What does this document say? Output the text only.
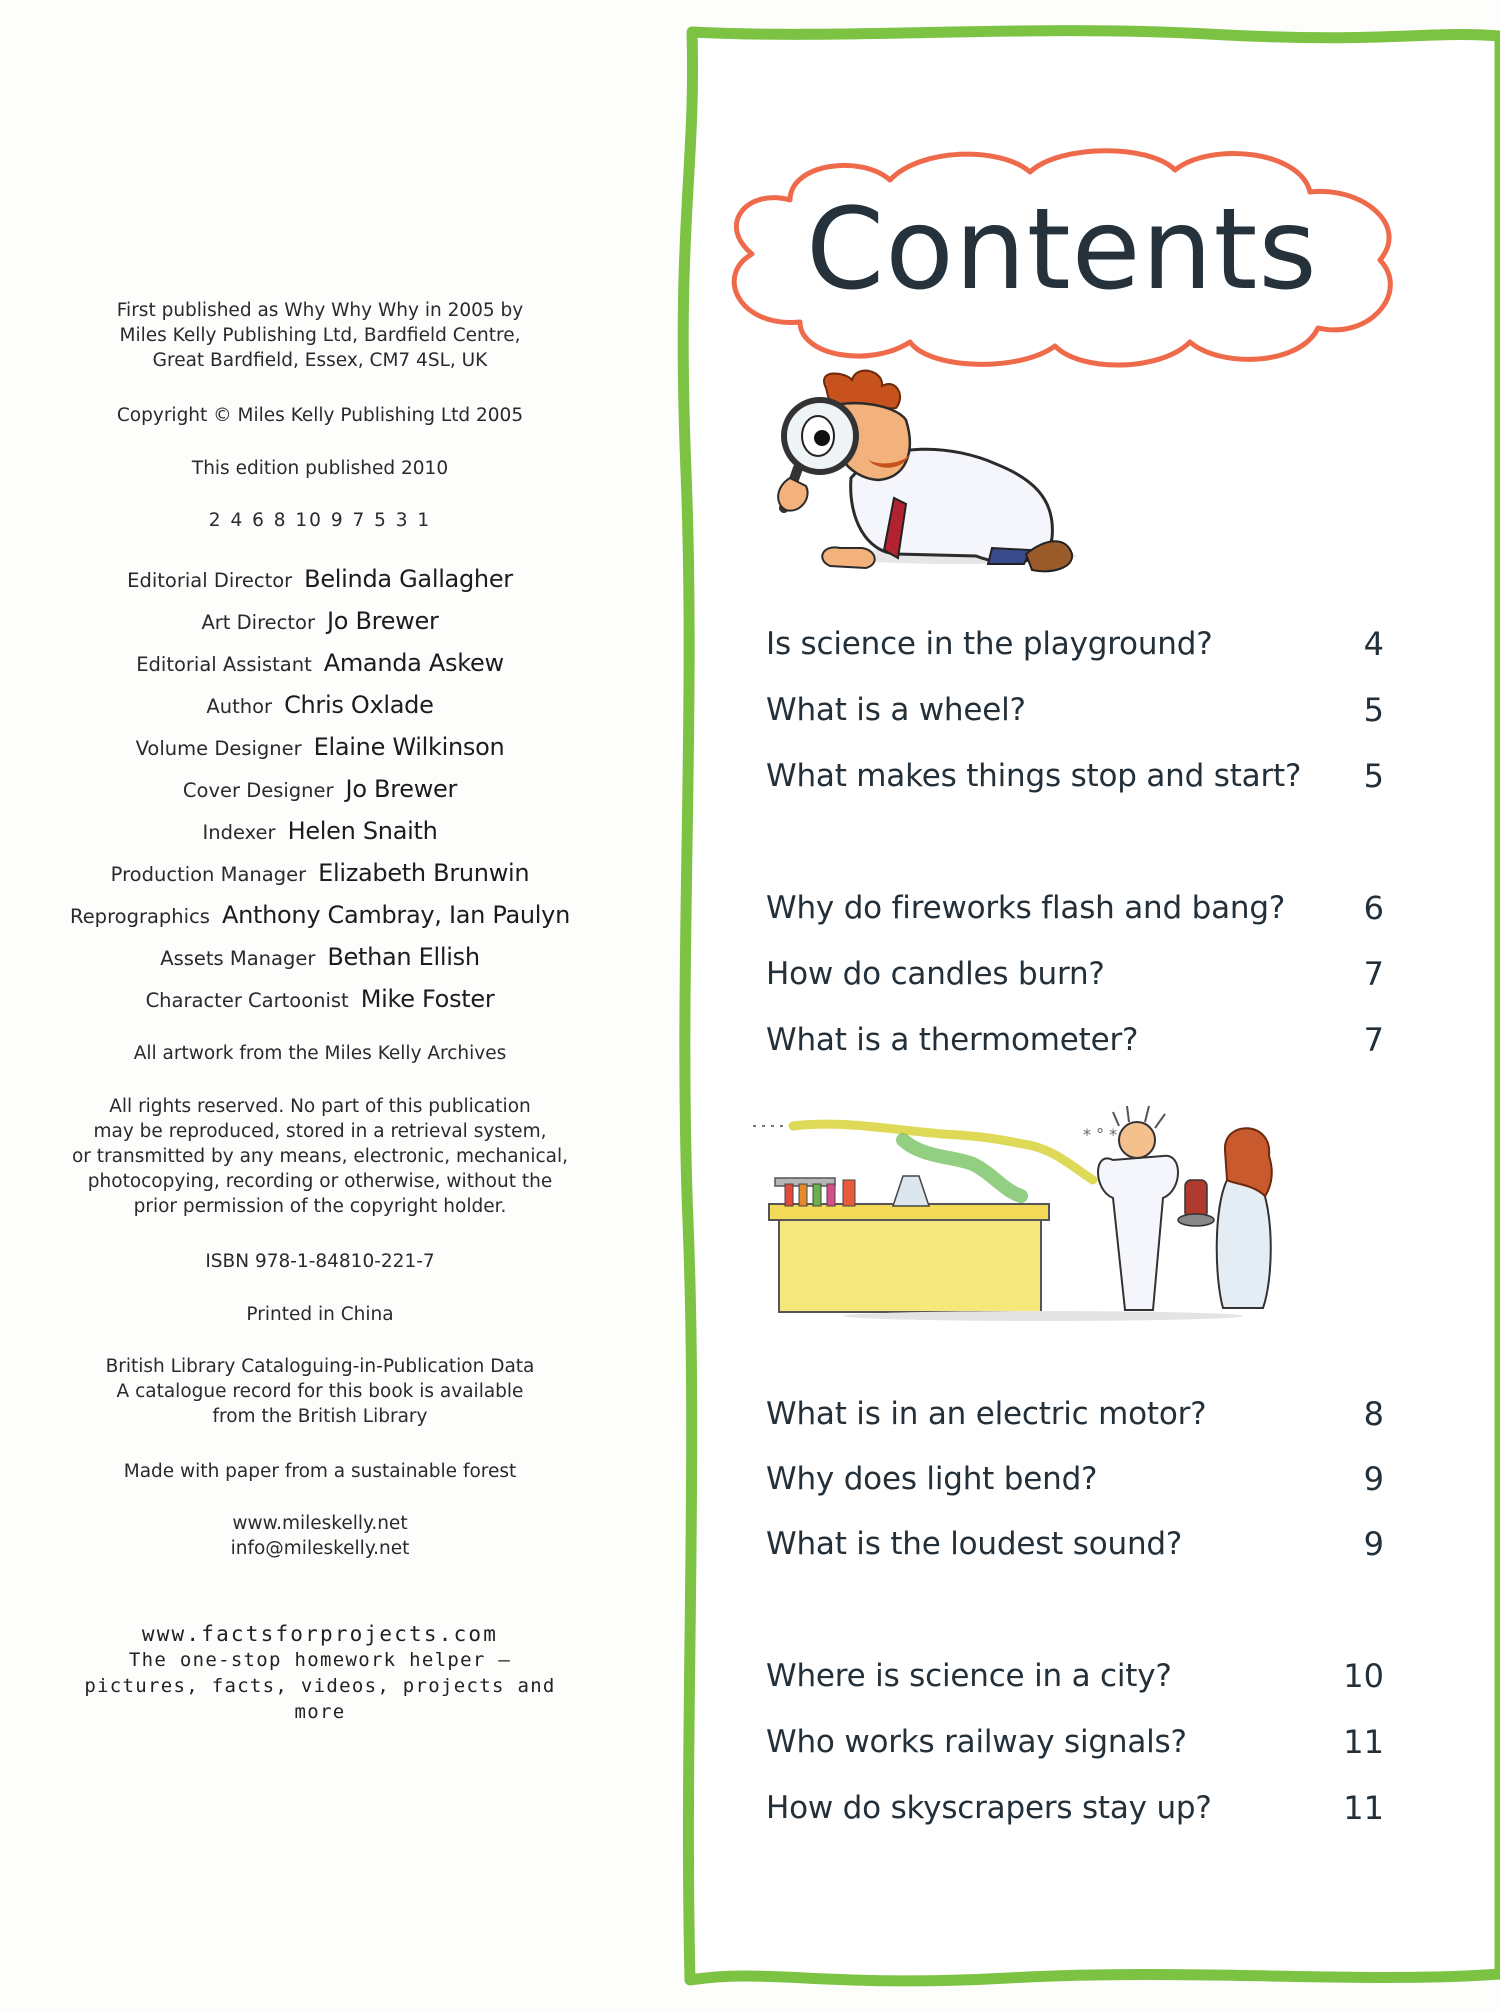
First published as Why Why Why in 2005 by
Miles Kelly Publishing Ltd, Bardfield Centre,
Great Bardfield, Essex, CM7 4SL, UK
Copyright © Miles Kelly Publishing Ltd 2005
This edition published 2010
2 4 6 8 10 9 7 5 3 1
Editorial Director Belinda Gallagher
Art Director Jo Brewer
Editorial Assistant Amanda Askew
Author Chris Oxlade
Volume Designer Elaine Wilkinson
Cover Designer Jo Brewer
Indexer Helen Snaith
Production Manager Elizabeth Brunwin
Reprographics Anthony Cambray, Ian Paulyn
Assets Manager Bethan Ellish
Character Cartoonist Mike Foster
All artwork from the Miles Kelly Archives
All rights reserved. No part of this publication
may be reproduced, stored in a retrieval system,
or transmitted by any means, electronic, mechanical,
photocopying, recording or otherwise, without the
prior permission of the copyright holder.
ISBN 978-1-84810-221-7
Printed in China
British Library Cataloguing-in-Publication Data
A catalogue record for this book is available
from the British Library
Made with paper from a sustainable forest
www.mileskelly.net
info@mileskelly.net
www.factsforprojects.com
The one-stop homework helper –
pictures, facts, videos, projects and more
Contents
* ° *
Is science in the playground?	4
What is a wheel?	5
What makes things stop and start? 5
Why do fireworks flash and bang? 6
How do candles burn?	7
What is a thermometer?	7
What is in an electric motor?	8
Why does light bend?	9
What is the loudest sound?	9
Where is science in a city?	10
Who works railway signals?	11
How do skyscrapers stay up?	11
